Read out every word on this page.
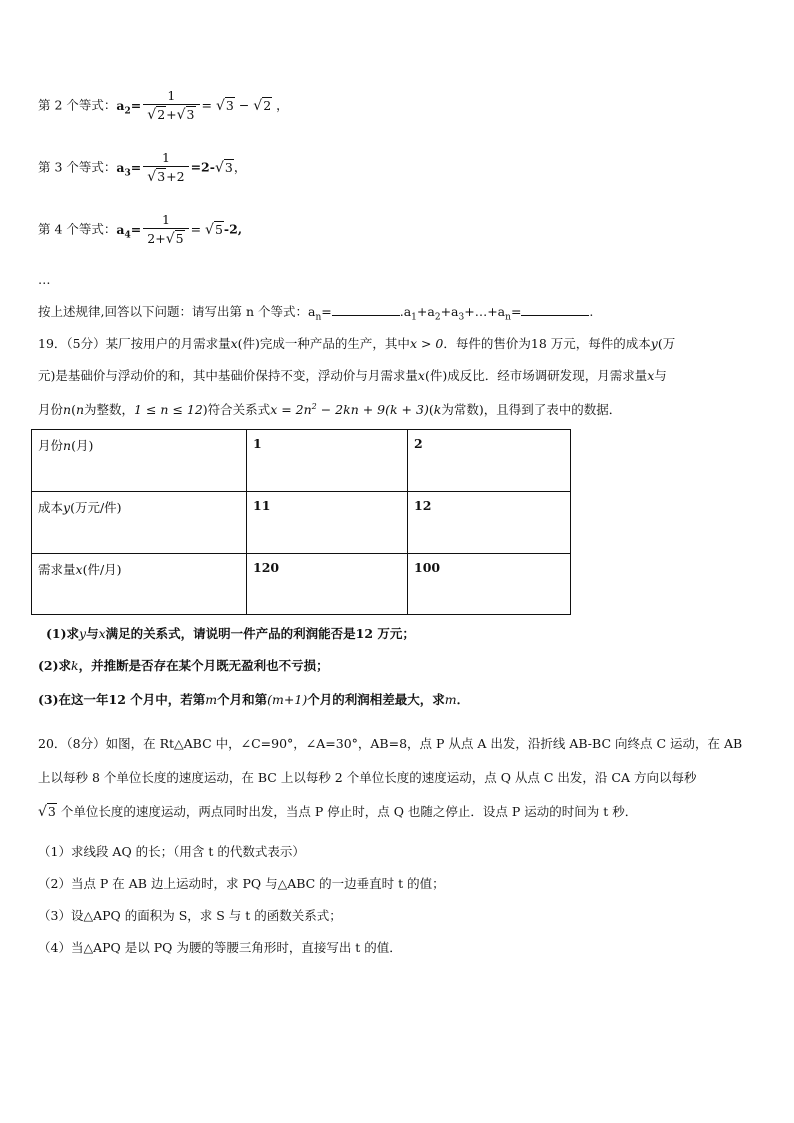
第 2 个等式：$a_2= \frac{1}{√2+√3} = √3 - √2$ ，
第 3 个等式：$a_3= \frac{1}{√3+2} =2-√3$，
第 4 个等式：$a_4= \frac{1}{2+√5} = √5-2$,
…
按上述规律,回答以下问题：请写出第 n 个等式：$a_n=$	$.a_1+a_2+a_3+\dots+a_n=$	.
19．（5分）某厂按用户的月需求量x(件)完成一种产品的生产，其中x > 0．每件的售价为18 万元，每件的成本y(万
元)是基础价与浮动价的和，其中基础价保持不变，浮动价与月需求量x(件)成反比．经市场调研发现，月需求量x与
月份n(n为整数，1 ≤ n ≤ 12)符合关系式$x = 2n^2 - 2kn + 9(k + 3)(k$为常数)，且得到了表中的数据．
月份n(月)	1	2
成本y(万元/件)	11	12
需求量x(件/月)	120	100
(1)求y与x满足的关系式，请说明一件产品的利润能否是12 万元；
(2)求k，并推断是否存在某个月既无盈利也不亏损；
(3)在这一年12 个月中，若第m个月和第(m+1)个月的利润相差最大，求m．
20．（8分）如图，在 Rt△ABC 中，∠C=90°，∠A=30°，AB=8，点 P 从点 A 出发，沿折线 AB-BC 向终点 C 运动，在 AB
上以每秒 8 个单位长度的速度运动，在 BC 上以每秒 2 个单位长度的速度运动，点 Q 从点 C 出发，沿 CA 方向以每秒
√3 个单位长度的速度运动，两点同时出发，当点 P 停止时，点 Q 也随之停止．设点 P 运动的时间为 t 秒．
（1）求线段 AQ 的长；（用含 t 的代数式表示）
（2）当点 P 在 AB 边上运动时，求 PQ 与△ABC 的一边垂直时 t 的值；
（3）设△APQ 的面积为 S，求 S 与 t 的函数关系式；
（4）当△APQ 是以 PQ 为腰的等腰三角形时，直接写出 t 的值．
